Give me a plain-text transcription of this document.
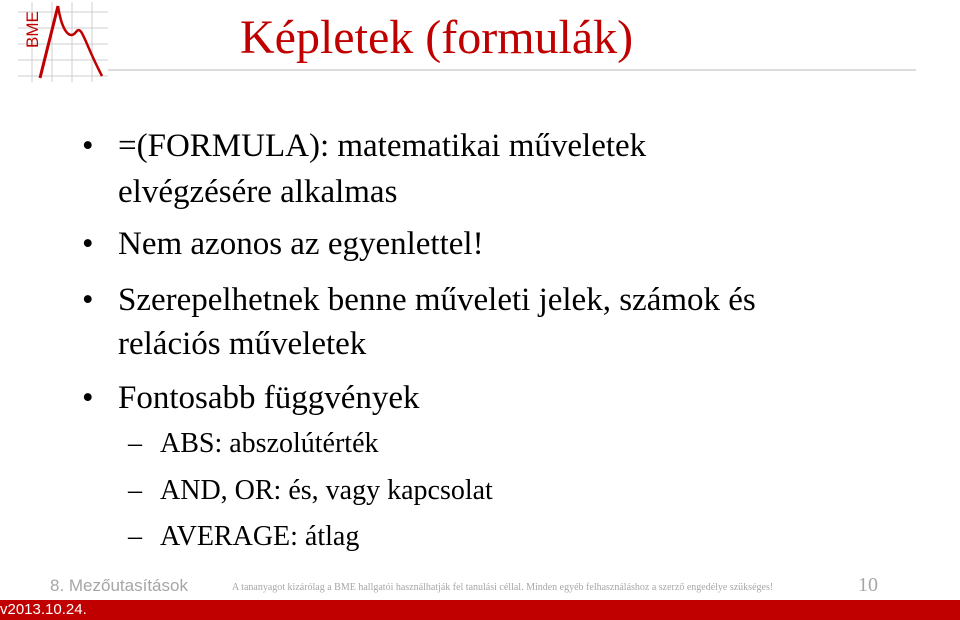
BME	Képletek (formulák)
• =(FORMULA): matematikai műveletek
elvégzésére alkalmas
• Nem azonos az egyenlettel!
• Szerepelhetnek benne műveleti jelek, számok és
relációs műveletek
• Fontosabb függvények
– ABS: abszolútérték
– AND, OR: és, vagy kapcsolat
– AVERAGE: átlag
8. Mezőutasítások	A tananyagot kizárólag a BME hallgatói használhatják fel tanulási céllal. Minden egyéb felhasználáshoz a szerző engedélye szükséges!	10
v2013.10.24.
